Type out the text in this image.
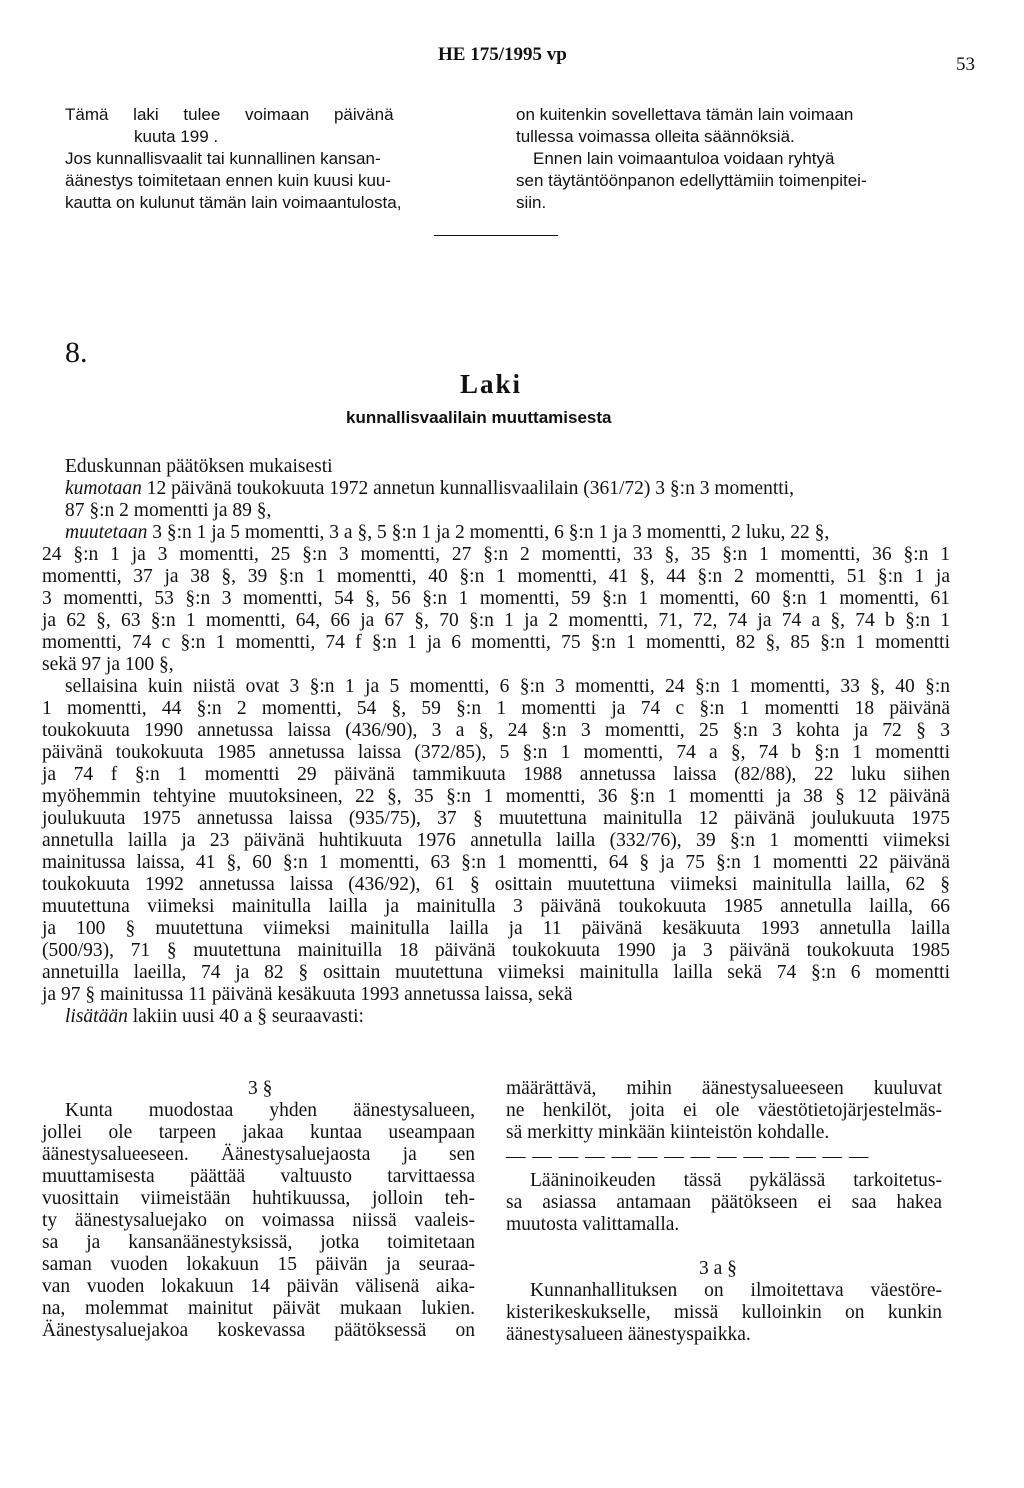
HE 175/1995 vp	53
Tämä laki tulee voimaan päivänä
kuuta 199 .
Jos kunnallisvaalit tai kunnallinen kansan-
äänestys toimitetaan ennen kuin kuusi kuu-
kautta on kulunut tämän lain voimaantulosta,
on kuitenkin sovellettava tämän lain voimaan
tullessa voimassa olleita säännöksiä.
Ennen lain voimaantuloa voidaan ryhtyä
sen täytäntöönpanon edellyttämiin toimenpitei-
siin.
8.
Laki
kunnallisvaalilain muuttamisesta
Eduskunnan päätöksen mukaisesti
kumotaan 12 päivänä toukokuuta 1972 annetun kunnallisvaalilain (361/72) 3 §:n 3 momentti,
87 §:n 2 momentti ja 89 §,
muutetaan 3 §:n 1 ja 5 momentti, 3 a §, 5 §:n 1 ja 2 momentti, 6 §:n 1 ja 3 momentti, 2 luku, 22 §,
24 §:n 1 ja 3 momentti, 25 §:n 3 momentti, 27 §:n 2 momentti, 33 §, 35 §:n 1 momentti, 36 §:n 1
momentti, 37 ja 38 §, 39 §:n 1 momentti, 40 §:n 1 momentti, 41 §, 44 §:n 2 momentti, 51 §:n 1 ja
3 momentti, 53 §:n 3 momentti, 54 §, 56 §:n 1 momentti, 59 §:n 1 momentti, 60 §:n 1 momentti, 61
ja 62 §, 63 §:n 1 momentti, 64, 66 ja 67 §, 70 §:n 1 ja 2 momentti, 71, 72, 74 ja 74 a §, 74 b §:n 1
momentti, 74 c §:n 1 momentti, 74 f §:n 1 ja 6 momentti, 75 §:n 1 momentti, 82 §, 85 §:n 1 momentti
sekä 97 ja 100 §,
sellaisina kuin niistä ovat 3 §:n 1 ja 5 momentti, 6 §:n 3 momentti, 24 §:n 1 momentti, 33 §, 40 §:n
1 momentti, 44 §:n 2 momentti, 54 §, 59 §:n 1 momentti ja 74 c §:n 1 momentti 18 päivänä
toukokuuta 1990 annetussa laissa (436/90), 3 a §, 24 §:n 3 momentti, 25 §:n 3 kohta ja 72 § 3
päivänä toukokuuta 1985 annetussa laissa (372/85), 5 §:n 1 momentti, 74 a §, 74 b §:n 1 momentti
ja 74 f §:n 1 momentti 29 päivänä tammikuuta 1988 annetussa laissa (82/88), 22 luku siihen
myöhemmin tehtyine muutoksineen, 22 §, 35 §:n 1 momentti, 36 §:n 1 momentti ja 38 § 12 päivänä
joulukuuta 1975 annetussa laissa (935/75), 37 § muutettuna mainitulla 12 päivänä joulukuuta 1975
annetulla lailla ja 23 päivänä huhtikuuta 1976 annetulla lailla (332/76), 39 §:n 1 momentti viimeksi
mainitussa laissa, 41 §, 60 §:n 1 momentti, 63 §:n 1 momentti, 64 § ja 75 §:n 1 momentti 22 päivänä
toukokuuta 1992 annetussa laissa (436/92), 61 § osittain muutettuna viimeksi mainitulla lailla, 62 §
muutettuna viimeksi mainitulla lailla ja mainitulla 3 päivänä toukokuuta 1985 annetulla lailla, 66
ja 100 § muutettuna viimeksi mainitulla lailla ja 11 päivänä kesäkuuta 1993 annetulla lailla
(500/93), 71 § muutettuna mainituilla 18 päivänä toukokuuta 1990 ja 3 päivänä toukokuuta 1985
annetuilla laeilla, 74 ja 82 § osittain muutettuna viimeksi mainitulla lailla sekä 74 §:n 6 momentti
ja 97 § mainitussa 11 päivänä kesäkuuta 1993 annetussa laissa, sekä
lisätään lakiin uusi 40 a § seuraavasti:
3 §
Kunta muodostaa yhden äänestysalueen,
jollei ole tarpeen jakaa kuntaa useampaan
äänestysalueeseen. Äänestysaluejaosta ja sen
muuttamisesta päättää valtuusto tarvittaessa
vuosittain viimeistään huhtikuussa, jolloin teh-
ty äänestysaluejako on voimassa niissä vaaleis-
sa ja kansanäänestyksissä, jotka toimitetaan
saman vuoden lokakuun 15 päivän ja seuraa-
van vuoden lokakuun 14 päivän välisenä aika-
na, molemmat mainitut päivät mukaan lukien.
Äänestysaluejakoa koskevassa päätöksessä on
määrättävä, mihin äänestysalueeseen kuuluvat
ne henkilöt, joita ei ole väestötietojärjestelmäs-
sä merkitty minkään kiinteistön kohdalle.
— — — — — — — — — — — — — —
Lääninoikeuden tässä pykälässä tarkoitetus-
sa asiassa antamaan päätökseen ei saa hakea
muutosta valittamalla.
3 a §
Kunnanhallituksen on ilmoitettava väestöre-
kisterikeskukselle, missä kulloinkin on kunkin
äänestysalueen äänestyspaikka.
